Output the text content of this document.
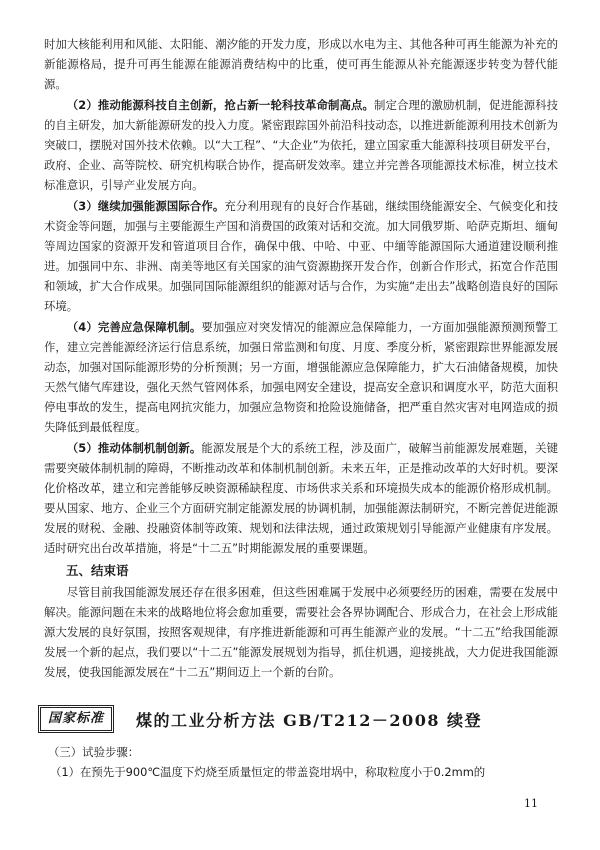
时加大核能利用和风能、太阳能、潮汐能的开发力度，形成以水电为主、其他各种可再生能源为补充的新能源格局，提升可再生能源在能源消费结构中的比重，使可再生能源从补充能源逐步转变为替代能源。

（2）推动能源科技自主创新，抢占新一轮科技革命制高点。制定合理的激励机制，促进能源科技的自主研发，加大新能源研发的投入力度。紧密跟踪国外前沿科技动态，以推进新能源利用技术创新为突破口，摆脱对国外技术依赖。以“大工程”、“大企业”为依托，建立国家重大能源科技项目研发平台，政府、企业、高等院校、研究机构联合协作，提高研发效率。建立并完善各项能源技术标准，树立技术标准意识，引导产业发展方向。

（3）继续加强能源国际合作。充分利用现有的良好合作基础，继续围绕能源安全、气候变化和技术资金等问题，加强与主要能源生产国和消费国的政策对话和交流。加大同俄罗斯、哈萨克斯坦、缅甸等周边国家的资源开发和管道项目合作，确保中俄、中哈、中亚、中缅等能源国际大通道建设顺利推进。加强同中东、非洲、南美等地区有关国家的油气资源勘探开发合作，创新合作形式，拓宽合作范围和领域，扩大合作成果。加强同国际能源组织的能源对话与合作，为实施“走出去”战略创造良好的国际环境。

（4）完善应急保障机制。要加强应对突发情况的能源应急保障能力，一方面加强能源预测预警工作，建立完善能源经济运行信息系统，加强日常监测和旬度、月度、季度分析，紧密跟踪世界能源发展动态，加强对国际能源形势的分析预测；另一方面，增强能源应急保障能力，扩大石油储备规模，加快天然气储气库建设，强化天然气管网体系，加强电网安全建设，提高安全意识和调度水平，防范大面积停电事故的发生，提高电网抗灾能力，加强应急物资和抢险设施储备，把严重自然灾害对电网造成的损失降低到最低程度。

（5）推动体制机制创新。能源发展是个大的系统工程，涉及面广，破解当前能源发展难题，关键需要突破体制机制的障碍，不断推动改革和体制机制创新。未来五年，正是推动改革的大好时机。要深化价格改革，建立和完善能够反映资源稀缺程度、市场供求关系和环境损失成本的能源价格形成机制。要从国家、地方、企业三个方面研究制定能源发展的协调机制，加强能源法制研究，不断完善促进能源发展的财税、金融、投融资体制等政策、规划和法律法规，通过政策规划引导能源产业健康有序发展。适时研究出台改革措施，将是“十二五”时期能源发展的重要课题。

五、结束语

尽管目前我国能源发展还存在很多困难，但这些困难属于发展中必须要经历的困难，需要在发展中解决。能源问题在未来的战略地位将会愈加重要，需要社会各界协调配合、形成合力，在社会上形成能源大发展的良好氛围，按照客观规律，有序推进新能源和可再生能源产业的发展。“十二五”给我国能源发展一个新的起点，我们要以“十二五”能源发展规划为指导，抓住机遇，迎接挑战，大力促进我国能源发展，使我国能源发展在“十二五”期间迈上一个新的台阶。

国家标准	煤的工业分析方法 GB/T212－2008 续登
（三）试验步骤：
（1）在预先于900℃温度下灼烧至质量恒定的带盖瓷坩埚中，称取粒度小于0.2mm的
11
